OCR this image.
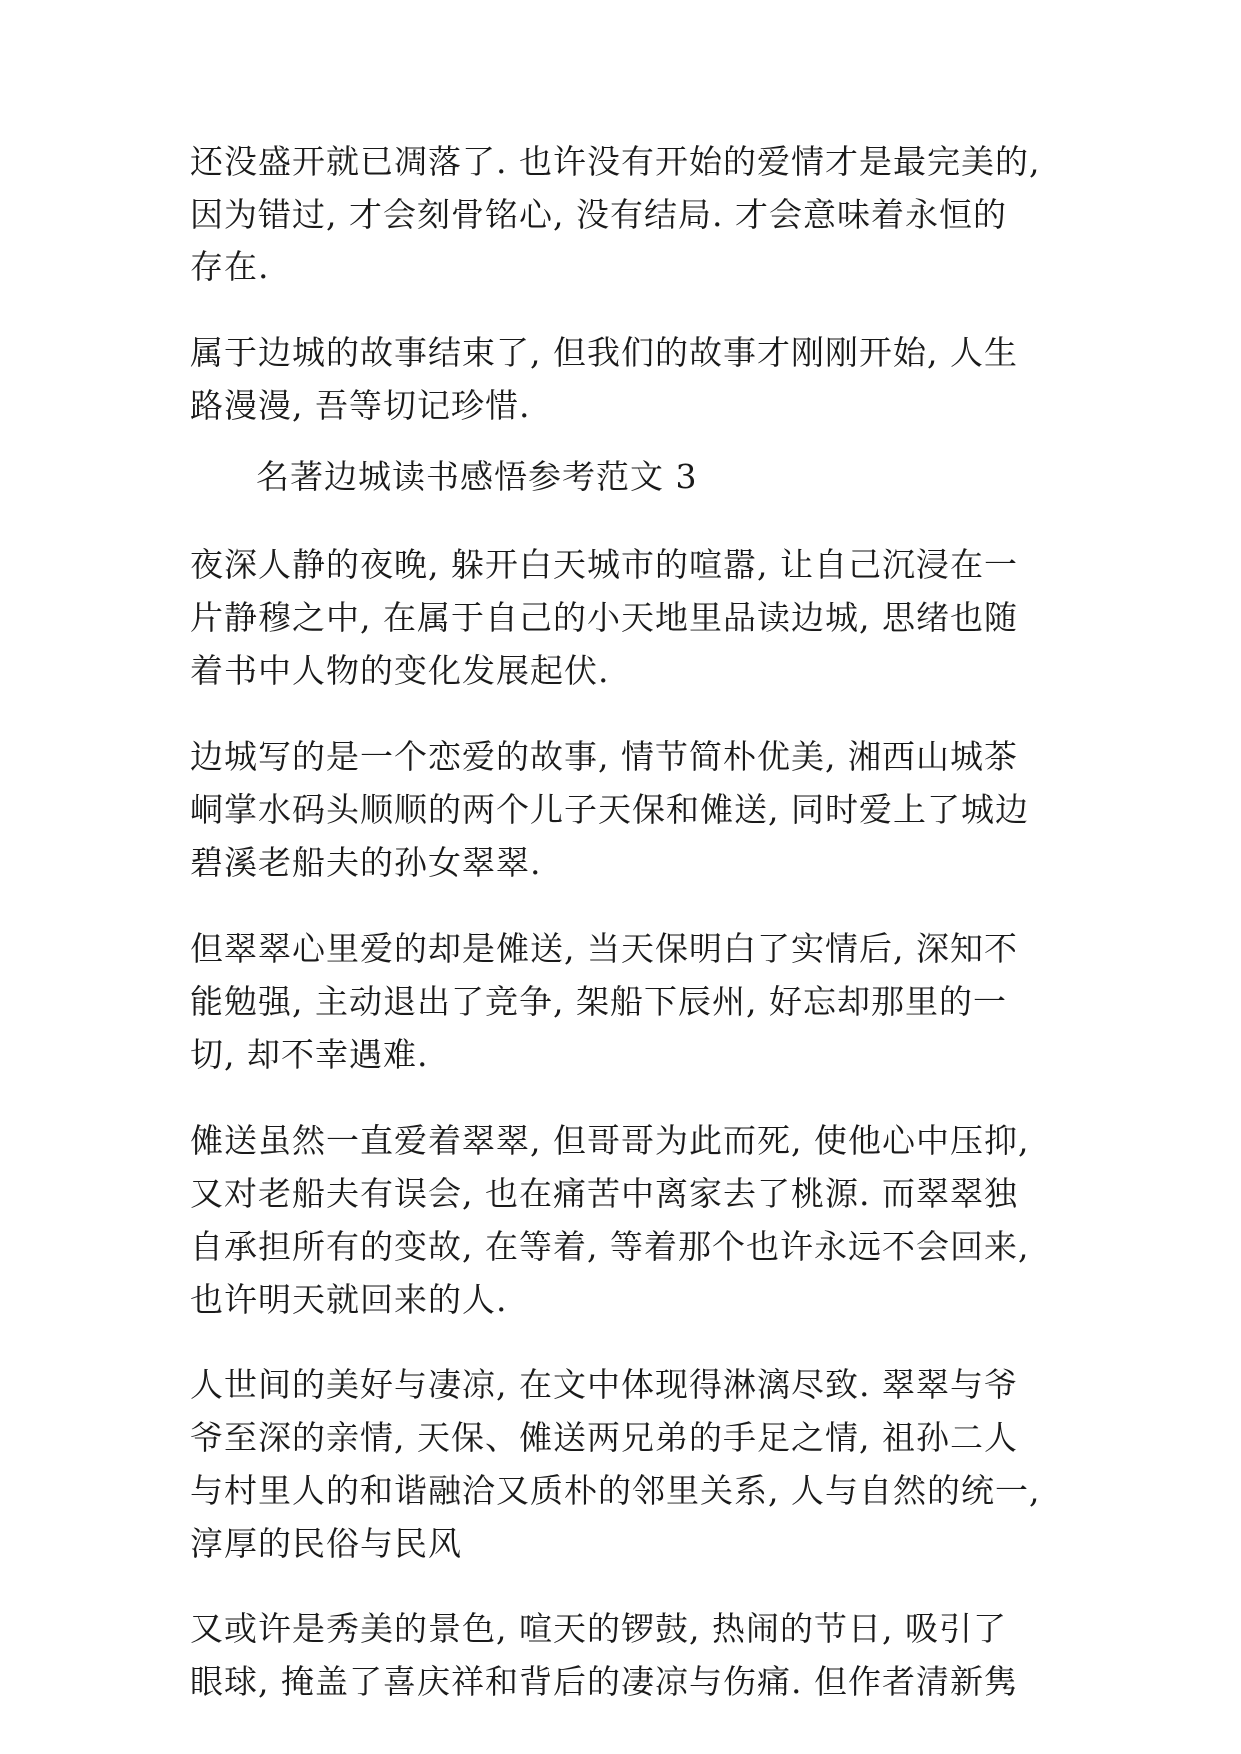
还没盛开就已凋落了. 也许没有开始的爱情才是最完美的,
因为错过, 才会刻骨铭心, 没有结局. 才会意味着永恒的
存在.
属于边城的故事结束了, 但我们的故事才刚刚开始, 人生
路漫漫, 吾等切记珍惜.
名著边城读书感悟参考范文 3
夜深人静的夜晚, 躲开白天城市的喧嚣, 让自己沉浸在一
片静穆之中, 在属于自己的小天地里品读边城, 思绪也随
着书中人物的变化发展起伏.
边城写的是一个恋爱的故事, 情节简朴优美, 湘西山城茶
峒掌水码头顺顺的两个儿子天保和傩送, 同时爱上了城边
碧溪老船夫的孙女翠翠.
但翠翠心里爱的却是傩送, 当天保明白了实情后, 深知不
能勉强, 主动退出了竞争, 架船下辰州, 好忘却那里的一
切, 却不幸遇难.
傩送虽然一直爱着翠翠, 但哥哥为此而死, 使他心中压抑,
又对老船夫有误会, 也在痛苦中离家去了桃源. 而翠翠独
自承担所有的变故, 在等着, 等着那个也许永远不会回来,
也许明天就回来的人.
人世间的美好与凄凉, 在文中体现得淋漓尽致. 翠翠与爷
爷至深的亲情, 天保、傩送两兄弟的手足之情, 祖孙二人
与村里人的和谐融洽又质朴的邻里关系, 人与自然的统一,
淳厚的民俗与民风
又或许是秀美的景色, 喧天的锣鼓, 热闹的节日, 吸引了
眼球, 掩盖了喜庆祥和背后的凄凉与伤痛. 但作者清新隽
